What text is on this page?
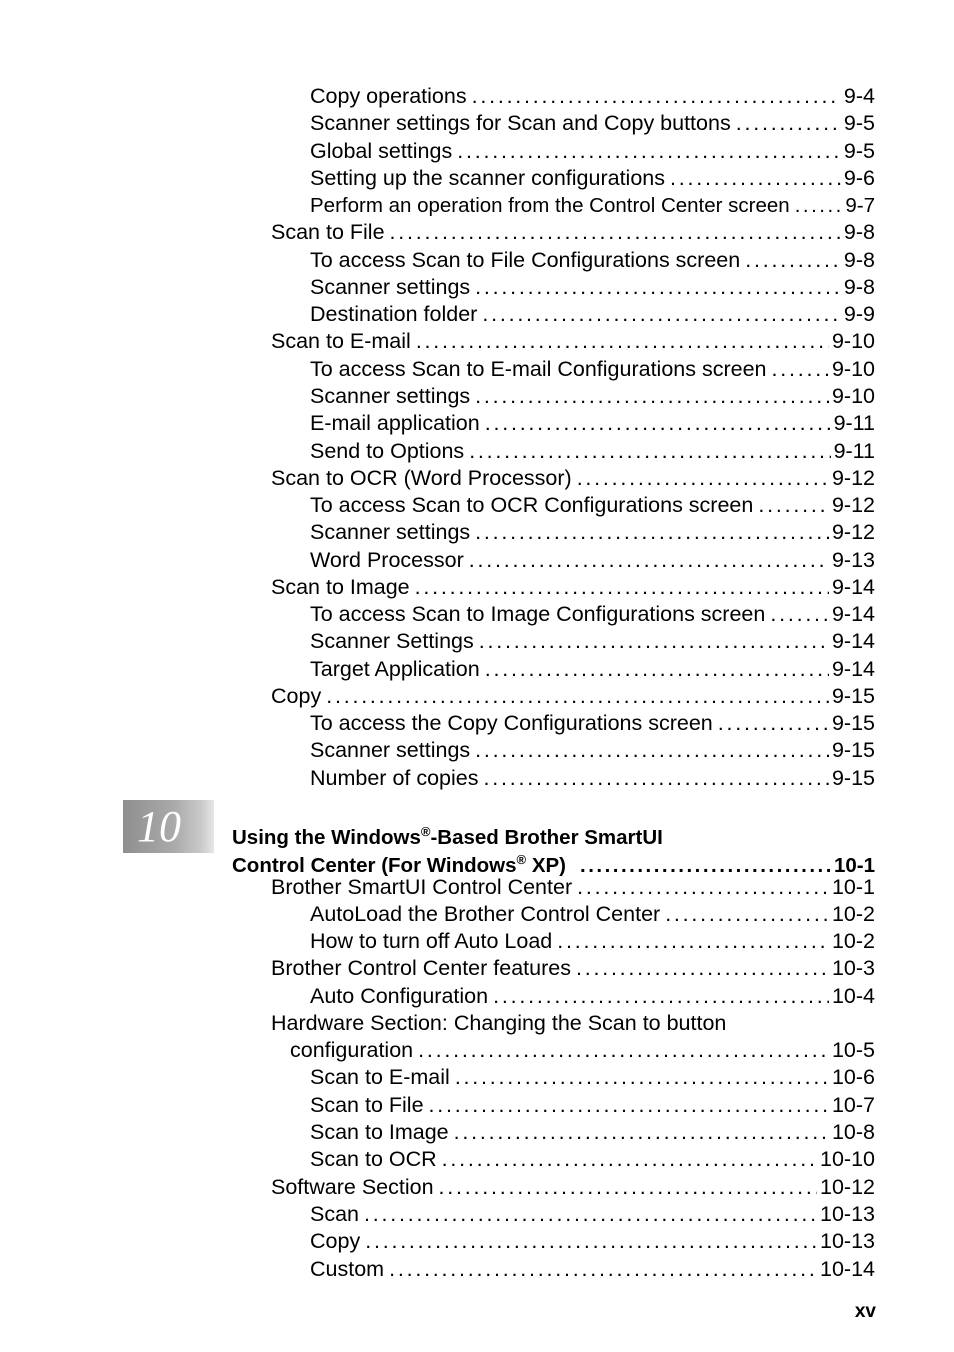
Copy operations . . .	9-4
Scanner settings for Scan and Copy buttons . . .	9-5
Global settings . . .	9-5
Setting up the scanner configurations . . .	9-6
Perform an operation from the Control Center screen . . .	9-7
Scan to File . . .	9-8
To access Scan to File Configurations screen . . .	9-8
Scanner settings . . .	9-8
Destination folder . . .	9-9
Scan to E-mail . . .	9-10
To access Scan to E-mail Configurations screen . . .	9-10
Scanner settings . . .	9-10
E-mail application . . .	9-11
Send to Options . . .	9-11
Scan to OCR (Word Processor) . . .	9-12
To access Scan to OCR Configurations screen . . .	9-12
Scanner settings . . .	9-12
Word Processor . . .	9-13
Scan to Image . . .	9-14
To access Scan to Image Configurations screen . . .	9-14
Scanner Settings . . .	9-14
Target Application . . .	9-14
Copy . . .	9-15
To access the Copy Configurations screen . . .	9-15
Scanner settings . . .	9-15
Number of copies . . .	9-15
10 Using the Windows®-Based Brother SmartUI
Control Center (For Windows® XP) . . .	10-1
Brother SmartUI Control Center . . .	10-1
AutoLoad the Brother Control Center . . .	10-2
How to turn off Auto Load . . .	10-2
Brother Control Center features . . .	10-3
Auto Configuration . . .	10-4
Hardware Section: Changing the Scan to button
configuration . . .	10-5
Scan to E-mail . . .	10-6
Scan to File . . .	10-7
Scan to Image . . .	10-8
Scan to OCR . . .	10-10
Software Section . . .	10-12
Scan . . .	10-13
Copy . . .	10-13
Custom . . .	10-14
xv
